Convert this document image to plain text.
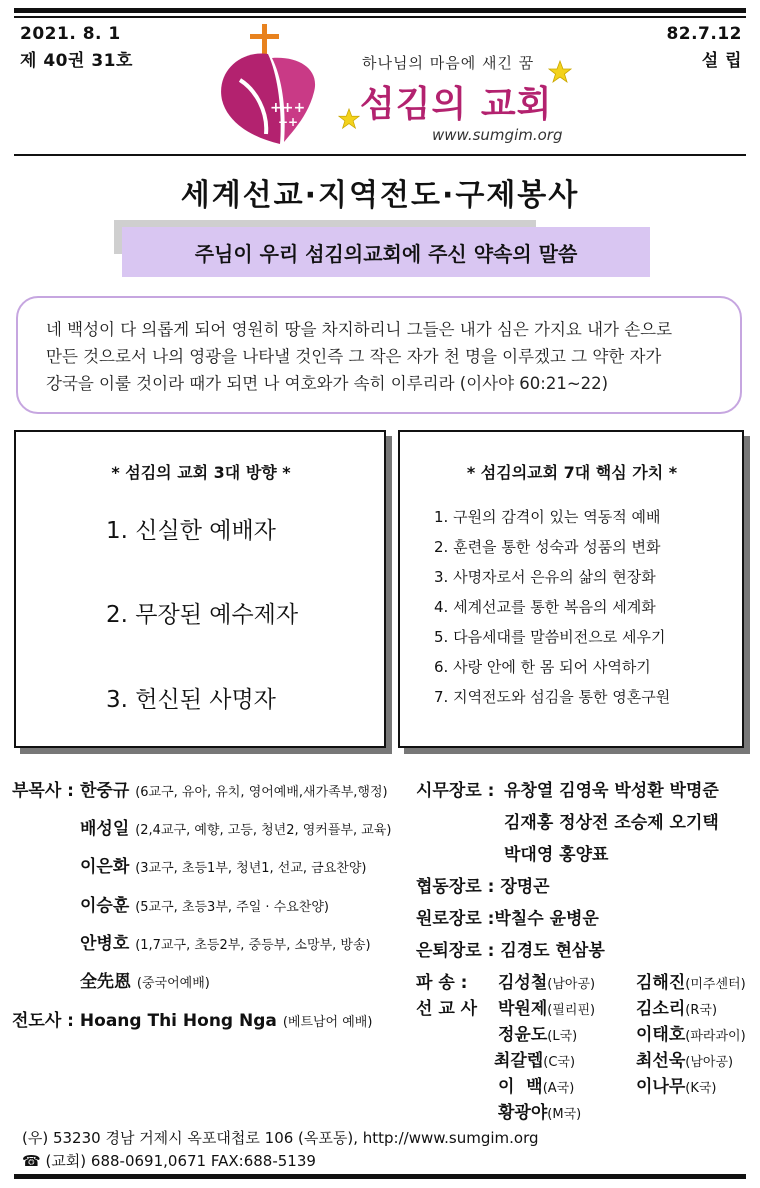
2021. 8. 1
제 40권 31호
82.7.12
설 립
+++
++
하나님의 마음에 새긴 꿈
섬김의 교회
www.sumgim.org
세계선교·지역전도·구제봉사
주님이 우리 섬김의교회에 주신 약속의 말씀
네 백성이 다 의롭게 되어 영원히 땅을 차지하리니 그들은 내가 심은 가지요 내가 손으로
만든 것으로서 나의 영광을 나타낼 것인즉 그 작은 자가 천 명을 이루겠고 그 약한 자가
강국을 이룰 것이라 때가 되면 나 여호와가 속히 이루리라 (이사야 60:21~22)
* 섬김의 교회 3대 방향 *
1. 신실한 예배자
2. 무장된 예수제자
3. 헌신된 사명자
* 섬김의교회 7대 핵심 가치 *
1. 구원의 감격이 있는 역동적 예배
2. 훈련을 통한 성숙과 성품의 변화
3. 사명자로서 은유의 삶의 현장화
4. 세계선교를 통한 복음의 세계화
5. 다음세대를 말씀비전으로 세우기
6. 사랑 안에 한 몸 되어 사역하기
7. 지역전도와 섬김을 통한 영혼구원
부목사 : 한중규 (6교구, 유아, 유치, 영어예배,새가족부,행정)
배성일 (2,4교구, 예향, 고등, 청년2, 영커플부, 교육)
이은화 (3교구, 초등1부, 청년1, 선교, 금요찬양)
이승훈 (5교구, 초등3부, 주일 · 수요찬양)
안병호 (1,7교구, 초등2부, 중등부, 소망부, 방송)
全先恩 (중국어예배)
전도사 : Hoang Thi Hong Nga (베트남어 예배)
시무장로 : 유창열 김영욱 박성환 박명준
김재홍 정상전 조승제 오기택
박대영 홍양표
협동장로 : 장명곤
원로장로 :박칠수 윤병운
은퇴장로 : 김경도 현삼봉
파 송 :
선 교 사
김성철(남아공) 김해진(미주센터)
박원제(필리핀) 김소리(R국)
정윤도(L국)	이태호(파라과이)
최갈렙(C국)	최선욱(남아공)
이  백(A국)	이나무(K국)
황광야(M국)
(우) 53230 경남 거제시 옥포대첩로 106 (옥포동), http://www.sumgim.org
☎ (교회) 688-0691,0671 FAX:688-5139
